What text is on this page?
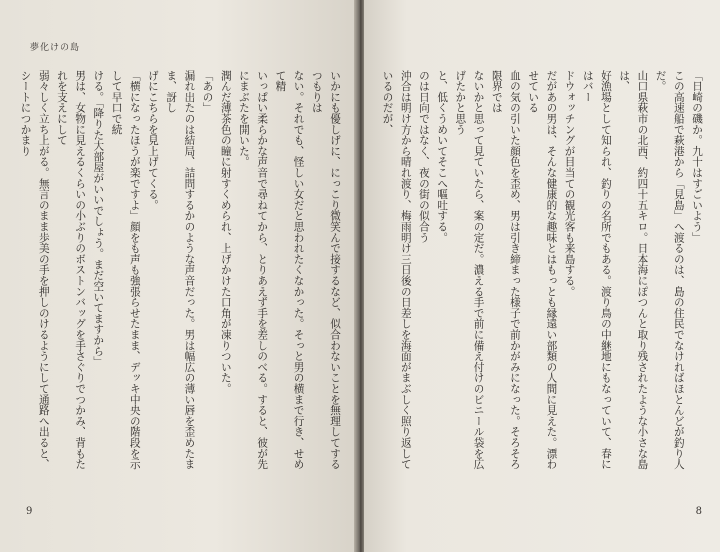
夢化けの島
いかにも優しげに、にっこり微笑んで接するなど、似合わないことを無理してするつもりは
ない。それでも、怪しい女だと思われたくなかった。そっと男の横まで行き、せめて精
いっぱい柔らかな声音で尋ねてから、とりあえず手を差しのべる。すると、彼が先にまぶたを開いた。
潤んだ薄茶色の瞳に射すくめられ、上げかけた口角が凍りついた。
「あの」
漏れ出たのは結局、詰問するかのような声音だった。男は幅広の薄い唇を歪めたまま、訝し
げにこちらを見上げてくる。
「横になったほうが楽ですよ」顔をも声も強張らせたまま、デッキ中央の階段を示して早口で続
ける。「降りた大部屋がいいでしょう。まだ空いてますから」
男は、女物に見えるくらいの小ぶりのボストンバッグを手さぐりでつかみ、背もたれを支えにして
弱々しく立ち上がる。無言のまま歩美の手を押しのけるようにして通路へ出ると、シートにつかまり

9
「日崎の磯か。九十はすごいよう」
この高速船で萩港から「見島」へ渡るのは、島の住民でなければほとんどが釣り人だ。
山口県萩市の北西、約四十五キロ。日本海にぽつんと取り残されたような小さな島は、
好漁場として知られ、釣りの名所でもある。渡り鳥の中継地にもなっていて、春にはバー
ドウォッチングが目当ての観光客も来島する。
だがあの男は、そんな健康的な趣味とはもっとも縁遠い部類の人間に見えた。漂わせている
血の気の引いた顔色を歪め、男は引き締まった様子で前かがみになった。そろそろ限界では
ないかと思って見ていたら、案の定だ。濃える手で前に備え付けのビニール袋を広げたかと思う
と、低くうめいてそこへ嘔吐する。
のは日向ではなく、夜の街の似合う
沖合は明け方から晴れ渡り、梅雨明け三日後の日差しを海面がまぶしく照り返しているのだが、

8
